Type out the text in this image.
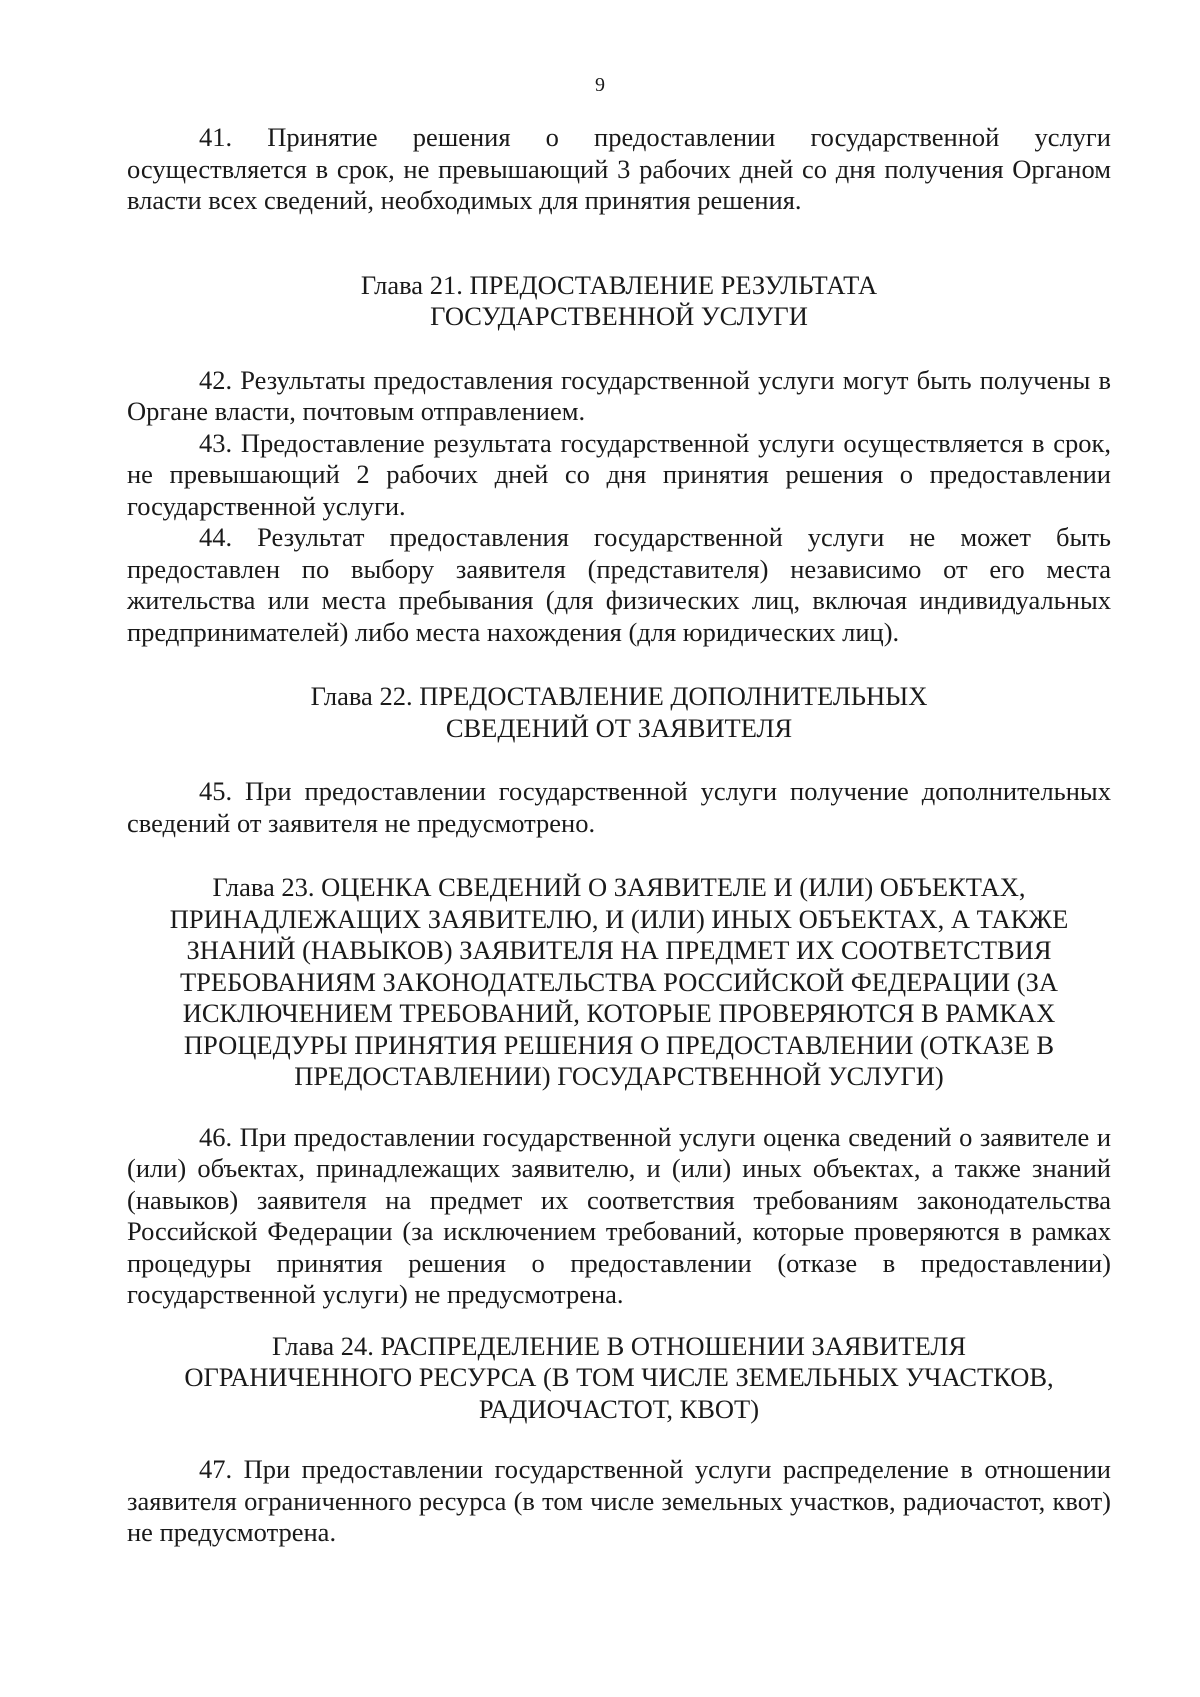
9

41. Принятие решения о предоставлении государственной услуги осуществляется в срок, не превышающий 3 рабочих дней со дня получения Органом власти всех сведений, необходимых для принятия решения.

Глава 21. ПРЕДОСТАВЛЕНИЕ РЕЗУЛЬТАТА
ГОСУДАРСТВЕННОЙ УСЛУГИ

42. Результаты предоставления государственной услуги могут быть получены в Органе власти, почтовым отправлением.

43. Предоставление результата государственной услуги осуществляется в срок, не превышающий 2 рабочих дней со дня принятия решения о предоставлении государственной услуги.

44. Результат предоставления государственной услуги не может быть предоставлен по выбору заявителя (представителя) независимо от его места жительства или места пребывания (для физических лиц, включая индивидуальных предпринимателей) либо места нахождения (для юридических лиц).

Глава 22. ПРЕДОСТАВЛЕНИЕ ДОПОЛНИТЕЛЬНЫХ
СВЕДЕНИЙ ОТ ЗАЯВИТЕЛЯ

45. При предоставлении государственной услуги получение дополнительных сведений от заявителя не предусмотрено.

Глава 23. ОЦЕНКА СВЕДЕНИЙ О ЗАЯВИТЕЛЕ И (ИЛИ) ОБЪЕКТАХ, ПРИНАДЛЕЖАЩИХ ЗАЯВИТЕЛЮ, И (ИЛИ) ИНЫХ ОБЪЕКТАХ, А ТАКЖЕ ЗНАНИЙ (НАВЫКОВ) ЗАЯВИТЕЛЯ НА ПРЕДМЕТ ИХ СООТВЕТСТВИЯ ТРЕБОВАНИЯМ ЗАКОНОДАТЕЛЬСТВА РОССИЙСКОЙ ФЕДЕРАЦИИ (ЗА ИСКЛЮЧЕНИЕМ ТРЕБОВАНИЙ, КОТОРЫЕ ПРОВЕРЯЮТСЯ В РАМКАХ ПРОЦЕДУРЫ ПРИНЯТИЯ РЕШЕНИЯ О ПРЕДОСТАВЛЕНИИ (ОТКАЗЕ В ПРЕДОСТАВЛЕНИИ) ГОСУДАРСТВЕННОЙ УСЛУГИ)

46. При предоставлении государственной услуги оценка сведений о заявителе и (или) объектах, принадлежащих заявителю, и (или) иных объектах, а также знаний (навыков) заявителя на предмет их соответствия требованиям законодательства Российской Федерации (за исключением требований, которые проверяются в рамках процедуры принятия решения о предоставлении (отказе в предоставлении) государственной услуги) не предусмотрена.

Глава 24. РАСПРЕДЕЛЕНИЕ В ОТНОШЕНИИ ЗАЯВИТЕЛЯ
ОГРАНИЧЕННОГО РЕСУРСА (В ТОМ ЧИСЛЕ ЗЕМЕЛЬНЫХ УЧАСТКОВ,
РАДИОЧАСТОТ, КВОТ)

47. При предоставлении государственной услуги распределение в отношении заявителя ограниченного ресурса (в том числе земельных участков, радиочастот, квот) не предусмотрена.
